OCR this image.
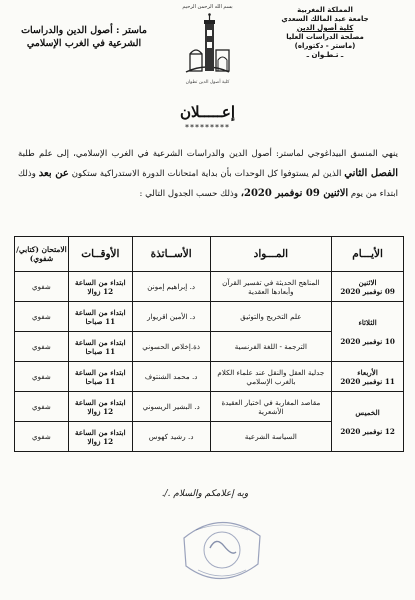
المملكة المغربية
جامعة عبد المالك السعدي
كلية أصول الدين
مصلحة الدراسات العليا
(ماستر - دكتوراه)
ـ تـطـوان ـ
بسم الله الرحمن الرحيم
كلية أصول الدين تطوان
ماستر : أصول الدين والدراسات
الشرعية في الغرب الإسلامي
إعـــــلان
*********
ينهي المنسق البيداغوجي لماستر: أصول الدين والدراسات الشرعية في الغرب الإسلامي، إلى علم طلبة الفصل الثاني الذين لم يستوفوا كل الوحدات بأن بداية امتحانات الدورة الاستدراكية ستكون عن بعد وذلك ابتداء من يوم الاثنين 09 نوفمبر 2020، وذلك حسب الجدول التالي :
الأيـــام	المـــواد	الأســاتذة	الأوقــات	الامتحان (كتابي/ شفوي)

الاثنين
09 نوفمبر 2020	المناهج الحديثة في تفسير القرآن وأبعادها العقدية	د. إبراهيم إمونن	ابتداء من الساعة 12 زوالا	شفوي

الثلاثاء
10 نوفمبر 2020	علم التخريج والتوثيق	د. الأمين اقريوار	ابتداء من الساعة 11 صباحا	شفوي
	الترجمة - اللغة الفرنسية	ذة.إخلاص الحسوني	ابتداء من الساعة 11 صباحا	شفوي

الأربعاء
11 نوفمبر 2020	جدلية العقل والنقل عند علماء الكلام بالغرب الإسلامي	د. محمد الشنتوف	ابتداء من الساعة 11 صباحا	شفوي

الخميس
12 نوفمبر 2020	مقاصد المغاربة في اختيار العقيدة الأشعرية	د. البشير الريسوني	ابتداء من الساعة 12 زوالا	شفوي
	السياسة الشرعية	د. رشيد كهوس	ابتداء من الساعة 12 زوالا	شفوي
وبه إعلامكم والسلام ./.
